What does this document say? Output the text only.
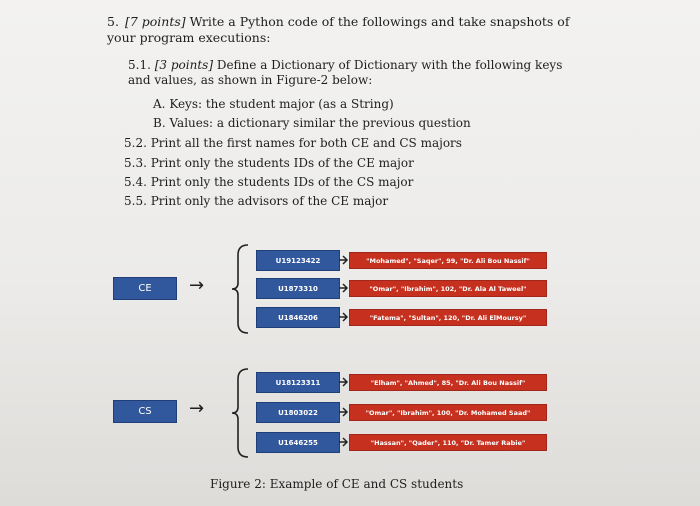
5. [7 points] Write a Python code of the followings and take snapshots of your program executions:
5.1. [3 points] Define a Dictionary of Dictionary with the following keys and values, as shown in Figure-2 below:
A. Keys: the student major (as a String)
B. Values: a dictionary similar the previous question
5.2. Print all the first names for both CE and CS majors
5.3. Print only the students IDs of the CE major
5.4. Print only the students IDs of the CS major
5.5. Print only the advisors of the CE major
CE	→
U19123422	"Mohamed", "Saqer", 99, "Dr. Ali Bou Nassif"
U1873310	"Omar", "Ibrahim", 102, "Dr. Ala Al Taweel"
U1846206	"Fatema", "Sultan", 120, "Dr. Ali ElMoursy"
CS	→
U18123311	"Elham", "Ahmed", 85, "Dr. Ali Bou Nassif"
U1803022	"Omar", "Ibrahim", 100, "Dr. Mohamed Saad"
U1646255	"Hassan", "Qader", 110, "Dr. Tamer Rabie"
Figure 2: Example of CE and CS students
